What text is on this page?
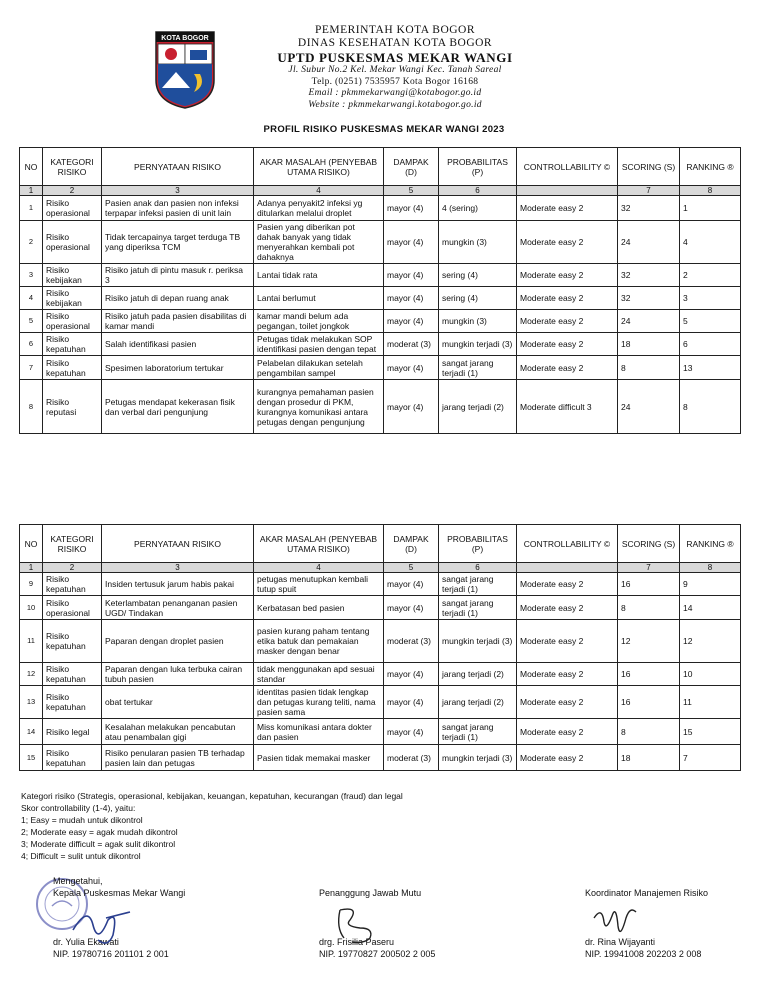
KOTA BOGOR
PEMERINTAH KOTA BOGOR
DINAS KESEHATAN KOTA BOGOR
UPTD PUSKESMAS MEKAR WANGI
Jl. Subur No.2 Kel. Mekar Wangi Kec. Tanah Sareal
Telp. (0251) 7535957 Kota Bogor 16168
Email : pkmmekarwangi@kotabogor.go.id
Website : pkmmekarwangi.kotabogor.go.id
PROFIL RISIKO PUSKESMAS MEKAR WANGI 2023
NO	KATEGORI RISIKO	PERNYATAAN RISIKO	AKAR MASALAH (PENYEBAB UTAMA RISIKO)	DAMPAK (D)	PROBABILITAS (P)	CONTROLLABILITY ©	SCORING (S)	RANKING ®
1	2	3	4	5	6		7	8
1	Risiko operasional	Pasien anak dan pasien non infeksi terpapar infeksi pasien di unit lain	Adanya penyakit2 infeksi yg ditularkan melalui droplet	mayor (4)	4 (sering)	Moderate easy 2	32	1
2	Risiko operasional	Tidak tercapainya target terduga TB yang diperiksa TCM	Pasien yang diberikan pot dahak banyak yang tidak menyerahkan kembali pot dahaknya	mayor (4)	mungkin (3)	Moderate easy 2	24	4
3	Risiko kebijakan	Risiko jatuh di pintu masuk r. periksa 3	Lantai tidak rata	mayor (4)	sering (4)	Moderate easy 2	32	2
4	Risiko kebijakan	Risiko jatuh di depan ruang anak	Lantai berlumut	mayor (4)	sering (4)	Moderate easy 2	32	3
5	Risiko operasional	Risiko jatuh pada pasien disabilitas di kamar mandi	kamar mandi belum ada pegangan, toilet jongkok	mayor (4)	mungkin (3)	Moderate easy 2	24	5
6	Risiko kepatuhan	Salah identifikasi pasien	Petugas tidak melakukan SOP identifikasi pasien dengan tepat	moderat (3)	mungkin terjadi (3)	Moderate easy 2	18	6
7	Risiko kepatuhan	Spesimen laboratorium tertukar	Pelabelan dilakukan setelah pengambilan sampel	mayor (4)	sangat jarang terjadi (1)	Moderate easy 2	8	13
8	Risiko reputasi	Petugas mendapat kekerasan fisik dan verbal dari pengunjung	kurangnya pemahaman pasien dengan prosedur di PKM, kurangnya komunikasi antara petugas dengan pengunjung	mayor (4)	jarang terjadi (2)	Moderate difficult 3	24	8
NO	KATEGORI RISIKO	PERNYATAAN RISIKO	AKAR MASALAH (PENYEBAB UTAMA RISIKO)	DAMPAK (D)	PROBABILITAS (P)	CONTROLLABILITY ©	SCORING (S)	RANKING ®
1	2	3	4	5	6		7	8
9	Risiko kepatuhan	Insiden tertusuk jarum habis pakai	petugas menutupkan kembali tutup spuit	mayor (4)	sangat jarang terjadi (1)	Moderate easy 2	16	9
10	Risiko operasional	Keterlambatan penanganan pasien UGD/ Tindakan	Kerbatasan bed pasien	mayor (4)	sangat jarang terjadi (1)	Moderate easy 2	8	14
11	Risiko kepatuhan	Paparan dengan droplet pasien	pasien kurang paham tentang etika batuk dan pemakaian masker dengan benar	moderat (3)	mungkin terjadi (3)	Moderate easy 2	12	12
12	Risiko kepatuhan	Paparan dengan luka terbuka cairan tubuh pasien	tidak menggunakan apd sesuai standar	mayor (4)	jarang terjadi (2)	Moderate easy 2	16	10
13	Risiko kepatuhan	obat tertukar	identitas pasien tidak lengkap dan petugas kurang teliti, nama pasien sama	mayor (4)	jarang terjadi (2)	Moderate easy 2	16	11
14	Risiko legal	Kesalahan melakukan pencabutan atau penambalan gigi	Miss komunikasi antara dokter dan pasien	mayor (4)	sangat jarang terjadi (1)	Moderate easy 2	8	15
15	Risiko kepatuhan	Risiko penularan pasien TB terhadap pasien lain dan petugas	Pasien tidak memakai masker	moderat (3)	mungkin terjadi (3)	Moderate easy 2	18	7
Kategori risiko (Strategis, operasional, kebijakan, keuangan, kepatuhan, kecurangan (fraud) dan legal
Skor controllability (1-4), yaitu:
1; Easy = mudah untuk dikontrol
2; Moderate easy = agak mudah dikontrol
3; Moderate difficult = agak sulit dikontrol
4; Difficult = sulit untuk dikontrol
Mengetahui,
Kepala Puskesmas Mekar Wangi
dr. Yulia Ekawati
NIP. 19780716 201101 2 001
Penanggung Jawab Mutu
drg. Frisilia Paseru
NIP. 19770827 200502 2 005
Koordinator Manajemen Risiko
dr. Rina Wijayanti
NIP. 19941008 202203 2 008
